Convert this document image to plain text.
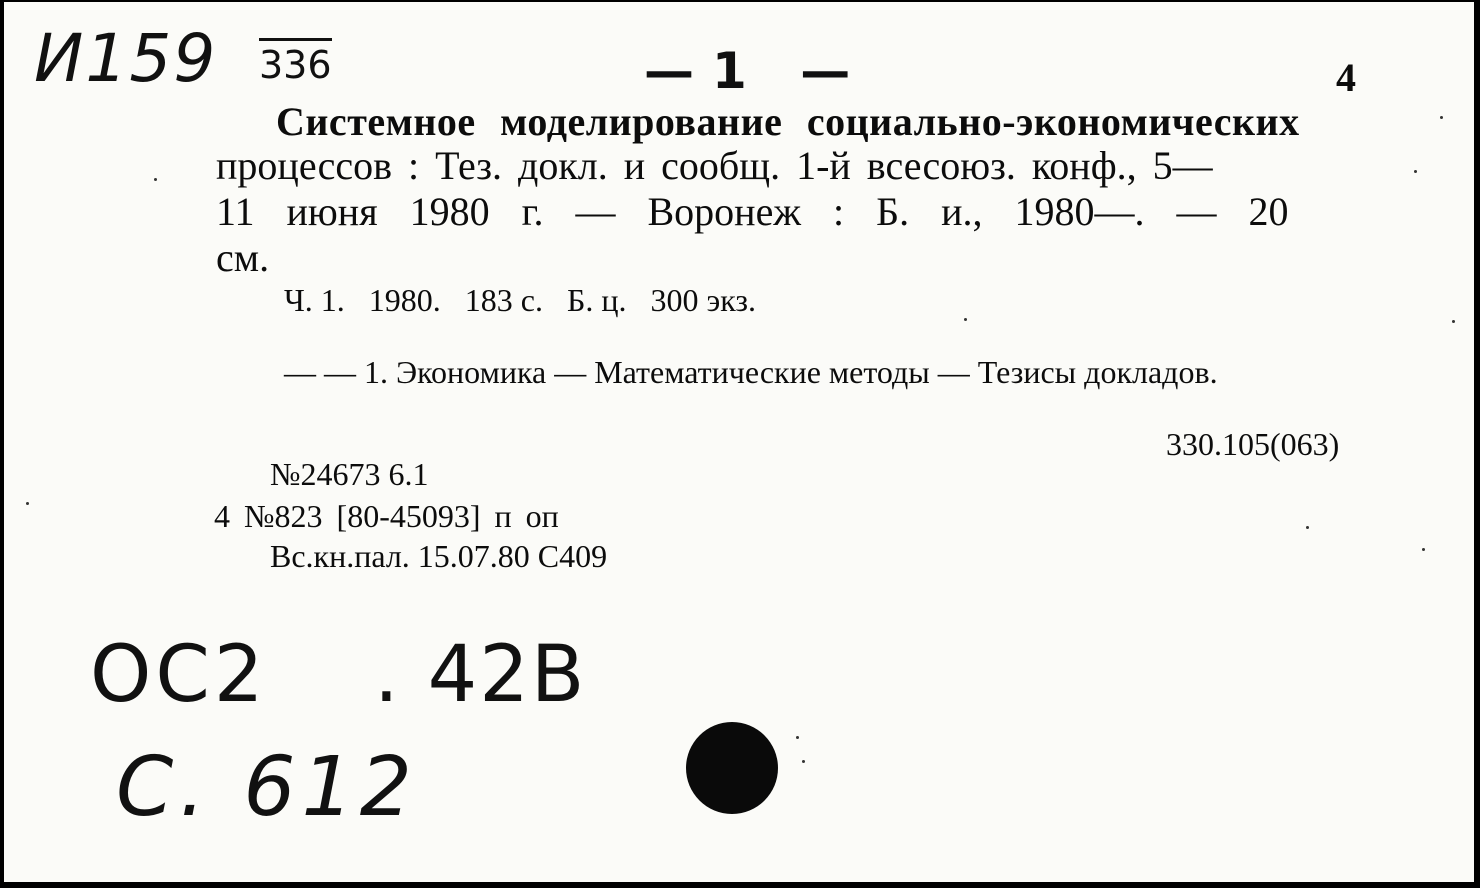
И159 336	—1 —	4
Системное моделирование социально-экономических
процессов : Тез. докл. и сообщ. 1-й всесоюз. конф., 5—
11 июня 1980 г. — Воронеж : Б. и., 1980—. — 20
см.
Ч. 1.   1980.   183 с.   Б. ц.   300 экз.
— — 1. Экономика — Математические методы — Тезисы докладов.
330.105(063)
№24673 6.1
4 №823 [80-45093] п оп
Вс.кн.пал. 15.07.80 С409
ОС2 . 42В
С. 612
